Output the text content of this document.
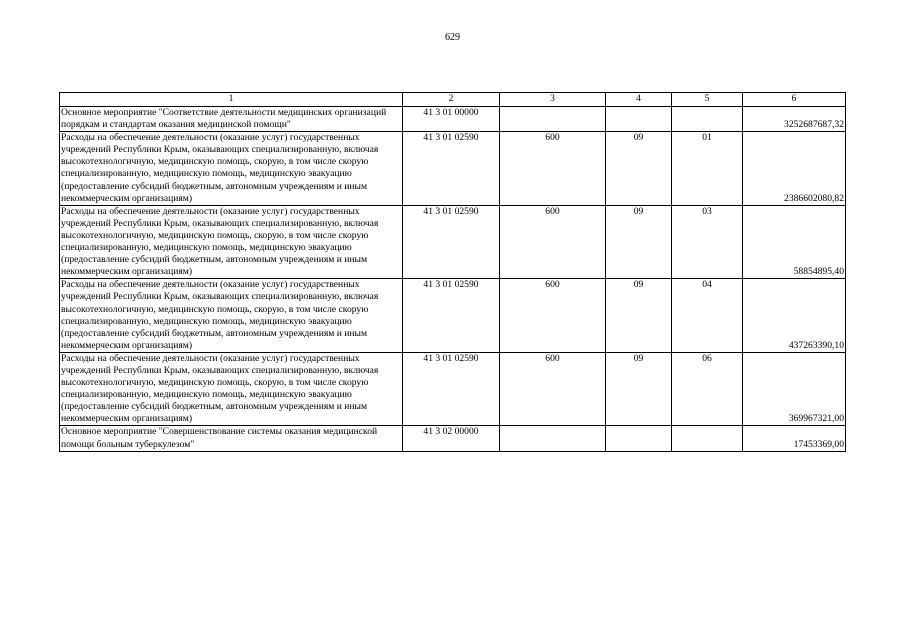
629
1	2	3	4	5	6
Основное мероприятие "Соответствие деятельности медицинских организаций порядкам и стандартам оказания медицинской помощи"	41 3 01 00000				3252687687,32
Расходы на обеспечение деятельности (оказание услуг) государственных учреждений Республики Крым, оказывающих специализированную, включая высокотехнологичную, медицинскую помощь, скорую, в том числе скорую специализированную, медицинскую помощь, медицинскую эвакуацию (предоставление субсидий бюджетным, автономным учреждениям и иным некоммерческим организациям)	41 3 01 02590	600	09	01	2386602080,82
Расходы на обеспечение деятельности (оказание услуг) государственных учреждений Республики Крым, оказывающих специализированную, включая высокотехнологичную, медицинскую помощь, скорую, в том числе скорую специализированную, медицинскую помощь, медицинскую эвакуацию (предоставление субсидий бюджетным, автономным учреждениям и иным некоммерческим организациям)	41 3 01 02590	600	09	03	58854895,40
Расходы на обеспечение деятельности (оказание услуг) государственных учреждений Республики Крым, оказывающих специализированную, включая высокотехнологичную, медицинскую помощь, скорую, в том числе скорую специализированную, медицинскую помощь, медицинскую эвакуацию (предоставление субсидий бюджетным, автономным учреждениям и иным некоммерческим организациям)	41 3 01 02590	600	09	04	437263390,10
Расходы на обеспечение деятельности (оказание услуг) государственных учреждений Республики Крым, оказывающих специализированную, включая высокотехнологичную, медицинскую помощь, скорую, в том числе скорую специализированную, медицинскую помощь, медицинскую эвакуацию (предоставление субсидий бюджетным, автономным учреждениям и иным некоммерческим организациям)	41 3 01 02590	600	09	06	369967321,00
Основное мероприятие "Совершенствование системы оказания медицинской помощи больным туберкулезом"	41 3 02 00000				17453369,00
